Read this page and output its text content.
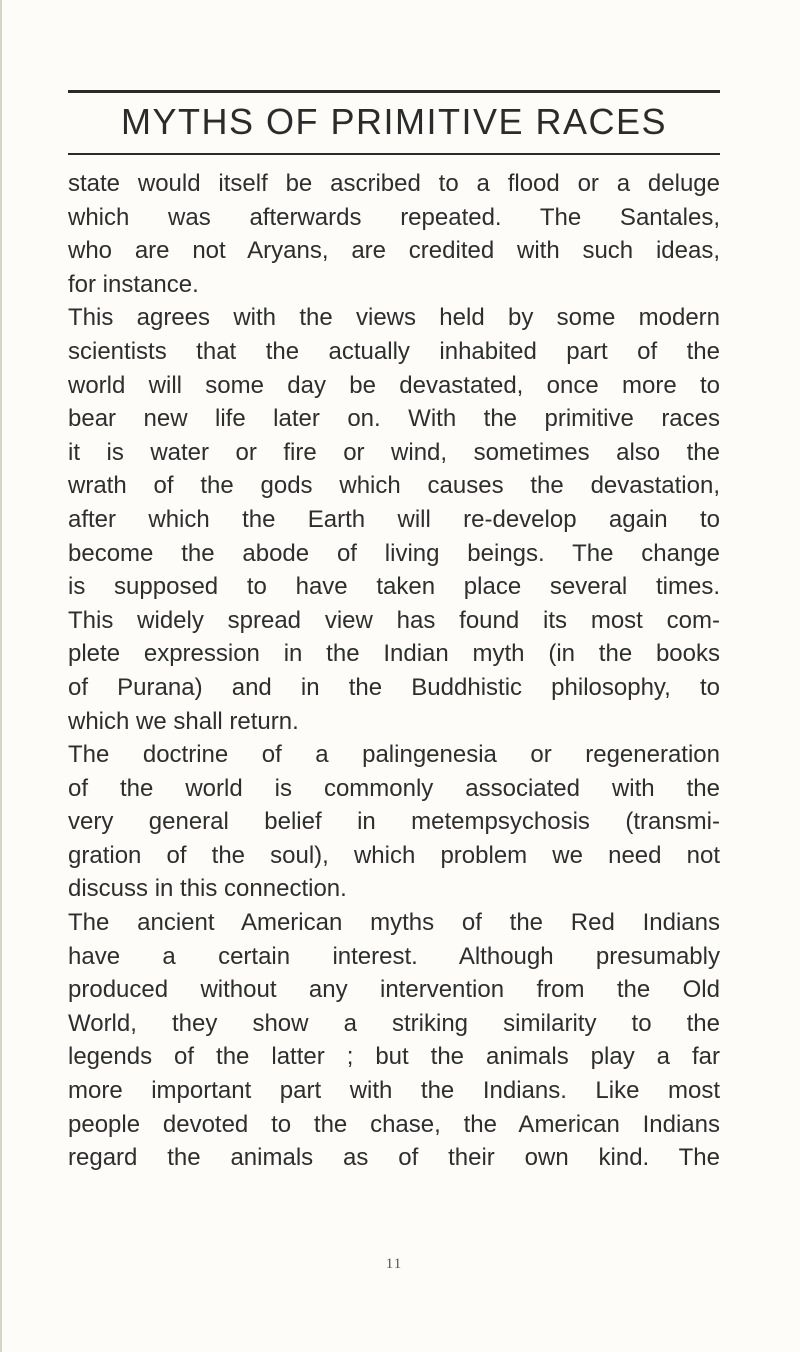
MYTHS OF PRIMITIVE RACES
state would itself be ascribed to a flood or a deluge
which was afterwards repeated. The Santales,
who are not Aryans, are credited with such ideas,
for instance.
This agrees with the views held by some modern
scientists that the actually inhabited part of the
world will some day be devastated, once more to
bear new life later on. With the primitive races
it is water or fire or wind, sometimes also the
wrath of the gods which causes the devastation,
after which the Earth will re-develop again to
become the abode of living beings. The change
is supposed to have taken place several times.
This widely spread view has found its most com-
plete expression in the Indian myth (in the books
of Purana) and in the Buddhistic philosophy, to
which we shall return.
The doctrine of a palingenesia or regeneration
of the world is commonly associated with the
very general belief in metempsychosis (transmi-
gration of the soul), which problem we need not
discuss in this connection.
The ancient American myths of the Red Indians
have a certain interest. Although presumably
produced without any intervention from the Old
World, they show a striking similarity to the
legends of the latter ; but the animals play a far
more important part with the Indians. Like most
people devoted to the chase, the American Indians
regard the animals as of their own kind. The
11
